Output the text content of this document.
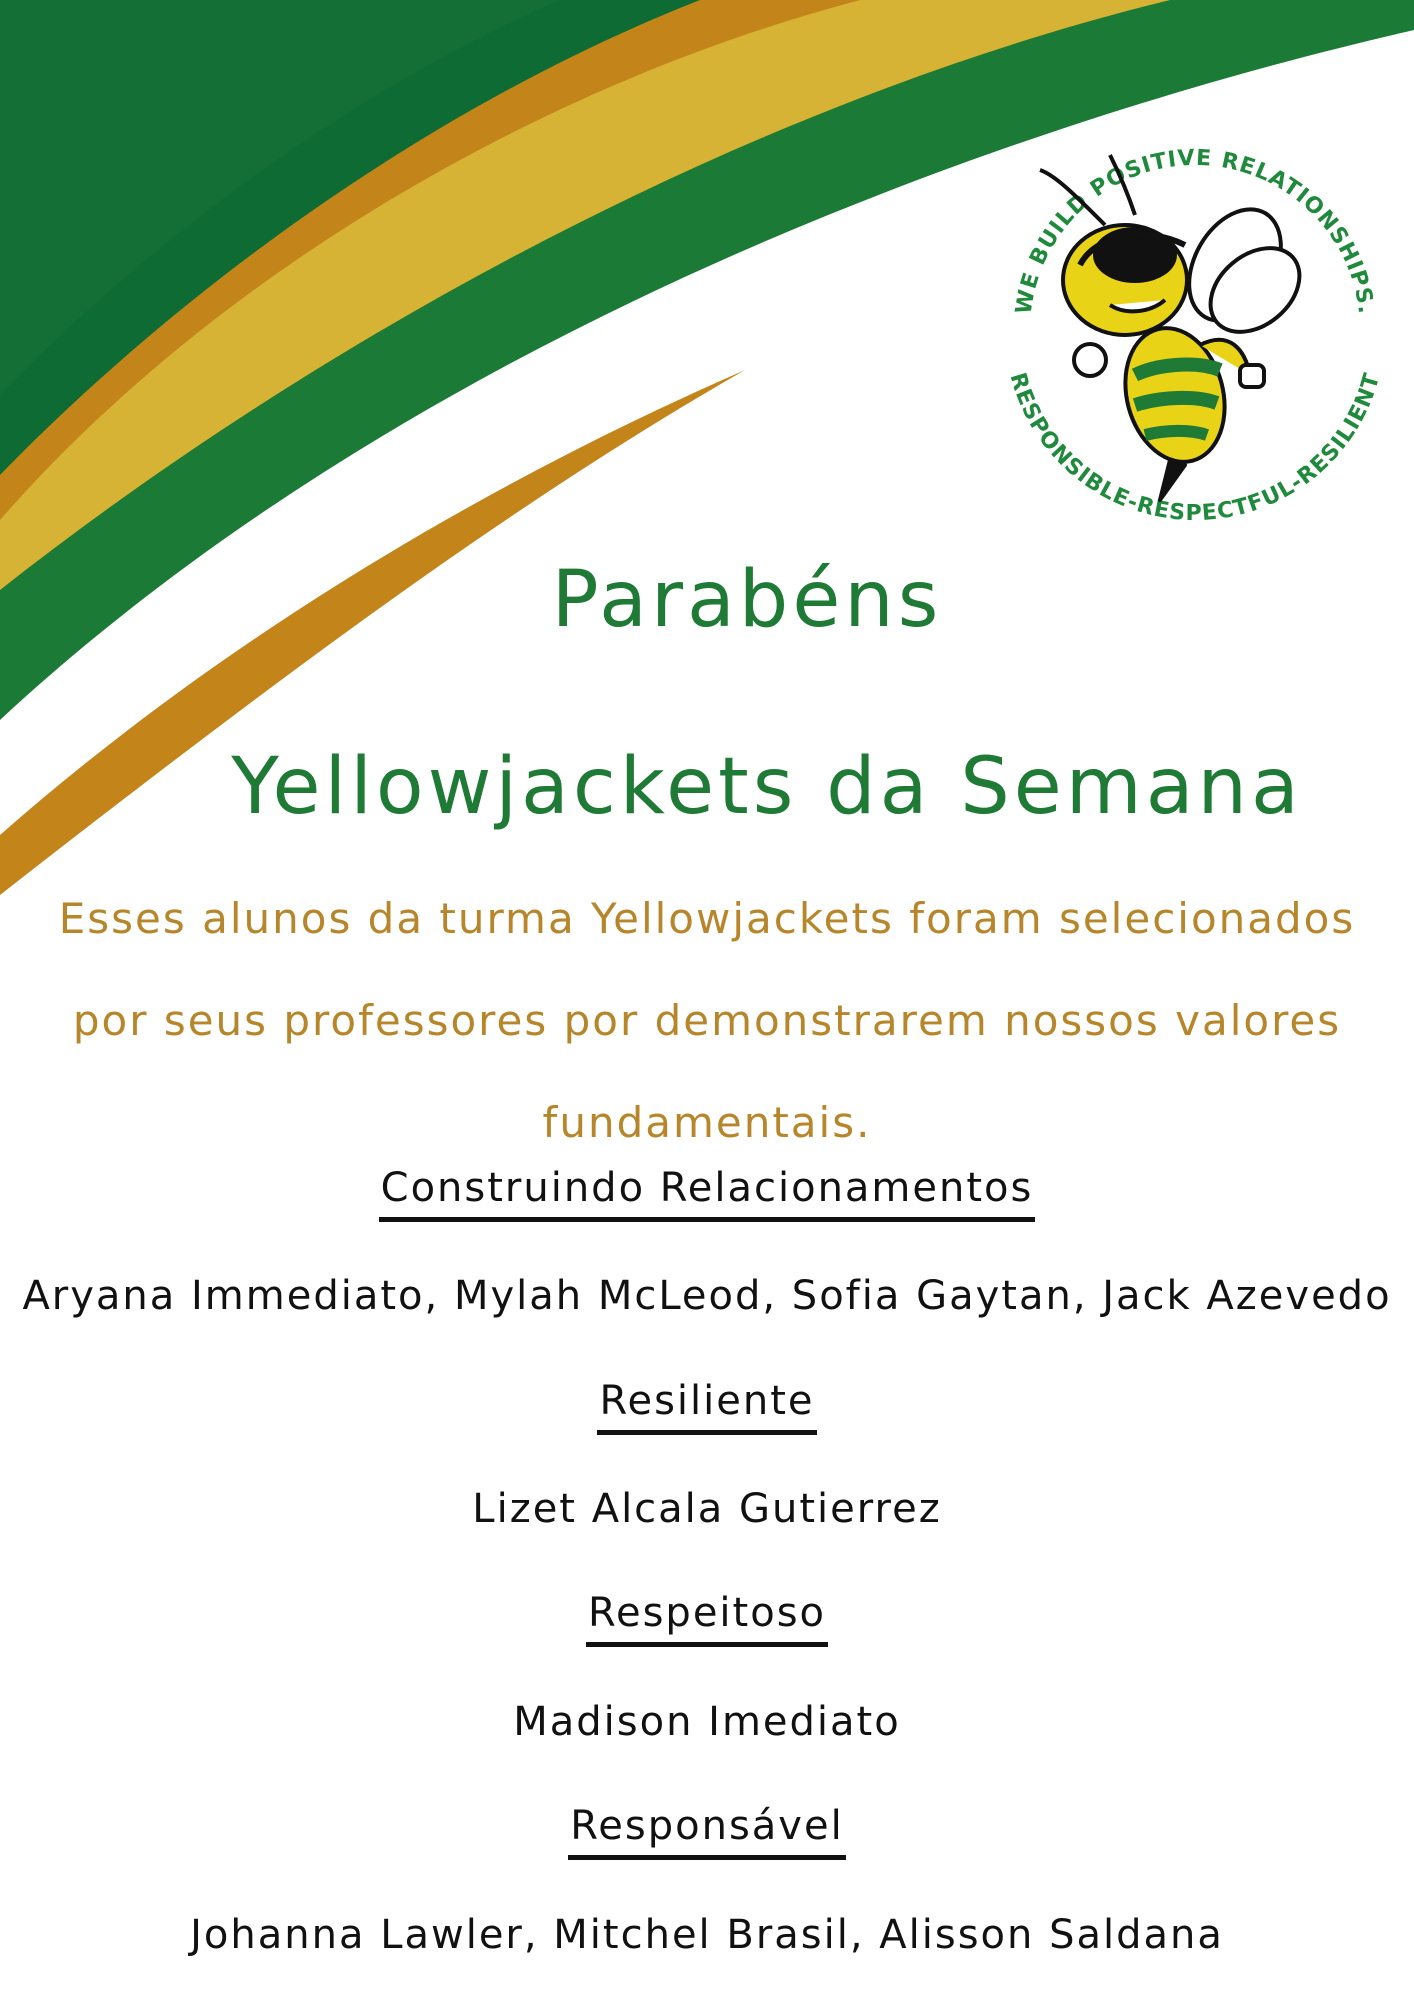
WE BUILD POSITIVE RELATIONSHIPS.
RESPONSIBLE-RESPECTFUL-RESILIENT
Parabéns
Yellowjackets da Semana
Esses alunos da turma Yellowjackets foram selecionados
por seus professores por demonstrarem nossos valores
fundamentais.
Construindo Relacionamentos
Aryana Immediato, Mylah McLeod, Sofia Gaytan, Jack Azevedo
Resiliente
Lizet Alcala Gutierrez
Respeitoso
Madison Imediato
Responsável
Johanna Lawler, Mitchel Brasil, Alisson Saldana
